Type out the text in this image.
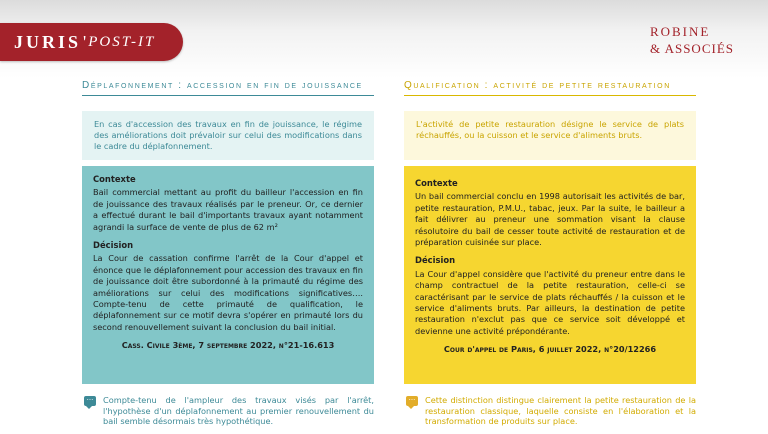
JURIS ' POST-IT
ROBINE
& ASSOCIÉS
Déplafonnement : accession en fin de jouissance
En cas d'accession des travaux en fin de jouissance, le régime des améliorations doit prévaloir sur celui des modifications dans le cadre du déplafonnement.
Contexte

Bail commercial mettant au profit du bailleur l'accession en fin de jouissance des travaux réalisés par le preneur. Or, ce dernier a effectué durant le bail d'importants travaux ayant notamment agrandi la surface de vente de plus de 62 m²

Décision

La Cour de cassation confirme l'arrêt de la Cour d'appel et énonce que le déplafonnement pour accession des travaux en fin de jouissance doit être subordonné à la primauté du régime des améliorations sur celui des modifications significatives…. Compte-tenu de cette primauté de qualification, le déplafonnement sur ce motif devra s'opérer en primauté lors du second renouvellement suivant la conclusion du bail initial.

Cass. Civile 3ème, 7 septembre 2022, n°21-16.613
···	Compte-tenu de l'ampleur des travaux visés par l'arrêt, l'hypothèse d'un déplafonnement au premier renouvellement du bail semble désormais très hypothétique.
Qualification : activité de petite restauration
L'activité de petite restauration désigne le service de plats réchauffés, ou la cuisson et le service d'aliments bruts.
Contexte

Un bail commercial conclu en 1998 autorisait les activités de bar, petite restauration, P.M.U., tabac, jeux. Par la suite, le bailleur a fait délivrer au preneur une sommation visant la clause résolutoire du bail de cesser toute activité de restauration et de préparation cuisinée sur place.

Décision

La Cour d'appel considère que l'activité du preneur entre dans le champ contractuel de la petite restauration, celle-ci se caractérisant par le service de plats réchauffés / la cuisson et le service d'aliments bruts. Par ailleurs, la destination de petite restauration n'exclut pas que ce service soit développé et devienne une activité prépondérante.

Cour d'appel de Paris, 6 juillet 2022, n°20/12266
···	Cette distinction distingue clairement la petite restauration de la restauration classique, laquelle consiste en l'élaboration et la transformation de produits sur place.
